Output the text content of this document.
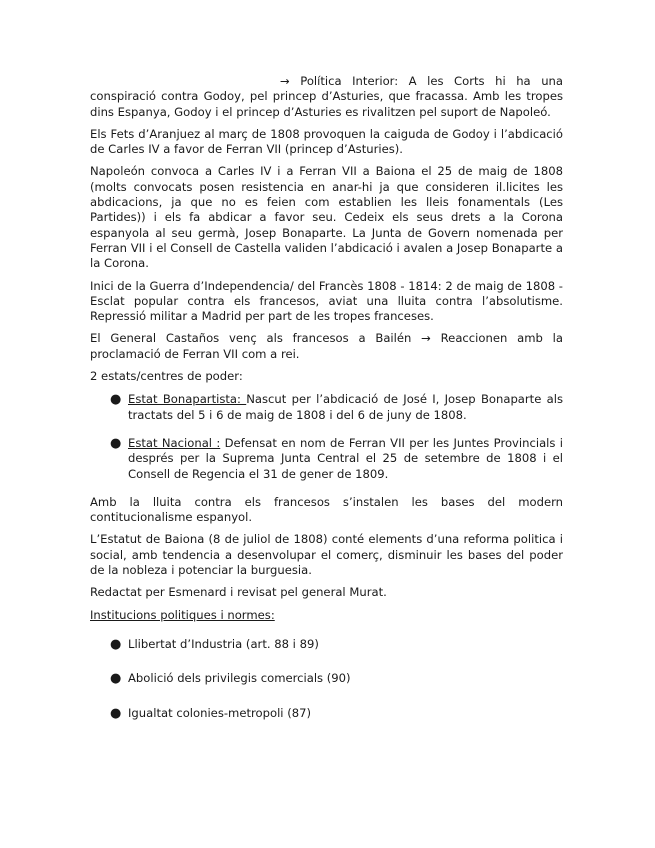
→ Política Interior: A les Corts hi ha una conspiració contra Godoy, pel princep d’Asturies, que fracassa. Amb les tropes dins Espanya, Godoy i el princep d’Asturies es rivalitzen pel suport de Napoleó.

Els Fets d’Aranjuez al març de 1808 provoquen la caiguda de Godoy i l’abdicació de Carles IV a favor de Ferran VII (princep d’Asturies).

Napoleón convoca a Carles IV i a Ferran VII a Baiona el 25 de maig de 1808 (molts convocats posen resistencia en anar-hi ja que consideren il.licites les abdicacions, ja que no es feien com establien les lleis fonamentals (Les Partides)) i els fa abdicar a favor seu. Cedeix els seus drets a la Corona espanyola al seu germà, Josep Bonaparte. La Junta de Govern nomenada per Ferran VII i el Consell de Castella validen l’abdicació i avalen a Josep Bonaparte a la Corona.

Inici de la Guerra d’Independencia/ del Francès 1808 - 1814: 2 de maig de 1808 - Esclat popular contra els francesos, aviat una lluita contra l’absolutisme. Repressió militar a Madrid per part de les tropes franceses.

El General Castaños venç als francesos a Bailén → Reaccionen amb la proclamació de Ferran VII com a rei.

2 estats/centres de poder:

● Estat Bonapartista: Nascut per l’abdicació de José I, Josep Bonaparte als tractats del 5 i 6 de maig de 1808 i del 6 de juny de 1808.
● Estat Nacional : Defensat en nom de Ferran VII per les Juntes Provincials i després per la Suprema Junta Central el 25 de setembre de 1808 i el Consell de Regencia el 31 de gener de 1809.

Amb la lluita contra els francesos s’instalen les bases del modern contitucionalisme espanyol.

L’Estatut de Baiona (8 de juliol de 1808) conté elements d’una reforma politica i social, amb tendencia a desenvolupar el comerç, disminuir les bases del poder de la nobleza i potenciar la burguesia.

Redactat per Esmenard i revisat pel general Murat.

Institucions politiques i normes:

● Llibertat d’Industria (art. 88 i 89)
● Abolició dels privilegis comercials (90)
● Igualtat colonies-metropoli (87)
